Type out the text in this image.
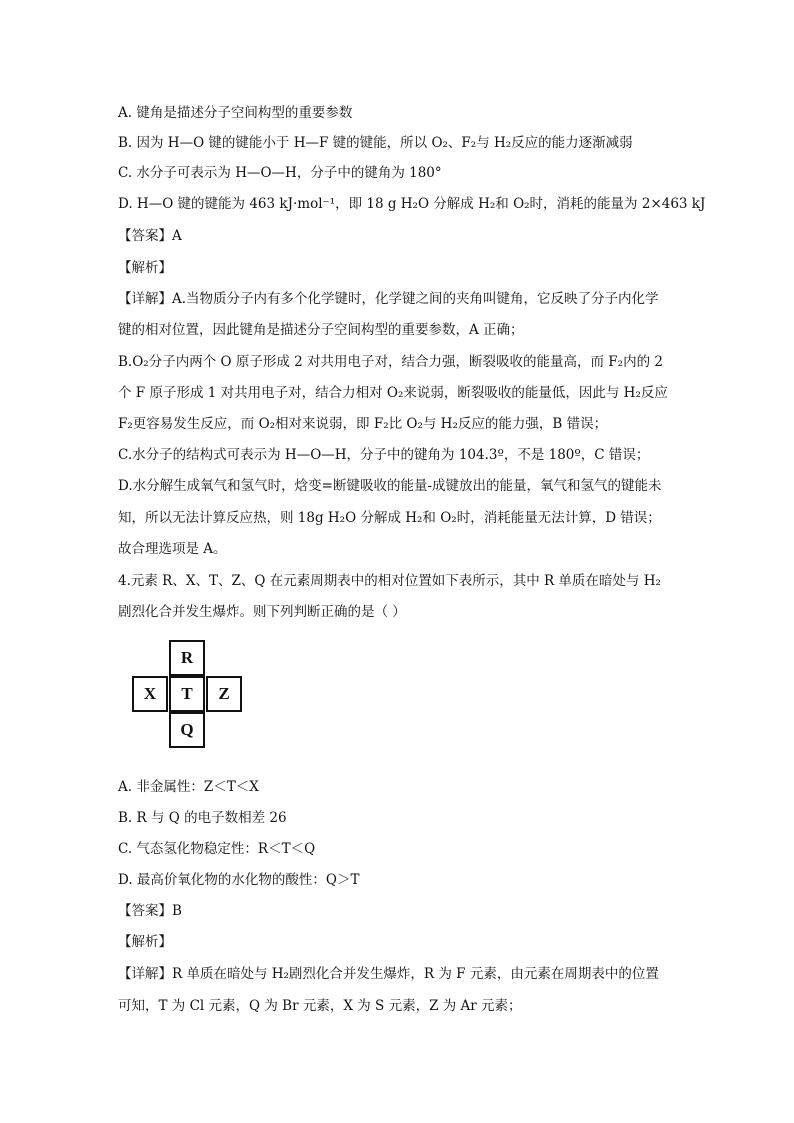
A. 键角是描述分子空间构型的重要参数
B. 因为 H—O 键的键能小于 H—F 键的键能，所以 O₂、F₂与 H₂反应的能力逐渐减弱
C. 水分子可表示为 H—O—H，分子中的键角为 180°
D. H—O 键的键能为 463 kJ·mol⁻¹，即 18 g H₂O 分解成 H₂和 O₂时，消耗的能量为 2×463 kJ
【答案】A
【解析】
【详解】A.当物质分子内有多个化学键时，化学键之间的夹角叫键角，它反映了分子内化学
键的相对位置，因此键角是描述分子空间构型的重要参数，A 正确；
B.O₂分子内两个 O 原子形成 2 对共用电子对，结合力强，断裂吸收的能量高，而 F₂内的 2
个 F 原子形成 1 对共用电子对，结合力相对 O₂来说弱，断裂吸收的能量低，因此与 H₂反应
F₂更容易发生反应，而 O₂相对来说弱，即 F₂比 O₂与 H₂反应的能力强，B 错误；
C.水分子的结构式可表示为 H—O—H，分子中的键角为 104.3º，不是 180º，C 错误；
D.水分解生成氧气和氢气时，焓变=断键吸收的能量-成键放出的能量，氧气和氢气的键能未
知，所以无法计算反应热，则 18g H₂O 分解成 H₂和 O₂时，消耗能量无法计算，D 错误；
故合理选项是 A。
4.元素 R、X、T、Z、Q 在元素周期表中的相对位置如下表所示，其中 R 单质在暗处与 H₂
剧烈化合并发生爆炸。则下列判断正确的是（ ）
R
X	T	Z
Q
A. 非金属性：Z＜T＜X
B. R 与 Q 的电子数相差 26
C. 气态氢化物稳定性：R＜T＜Q
D. 最高价氧化物的水化物的酸性：Q＞T
【答案】B
【解析】
【详解】R 单质在暗处与 H₂剧烈化合并发生爆炸，R 为 F 元素，由元素在周期表中的位置
可知，T 为 Cl 元素，Q 为 Br 元素，X 为 S 元素，Z 为 Ar 元素；
